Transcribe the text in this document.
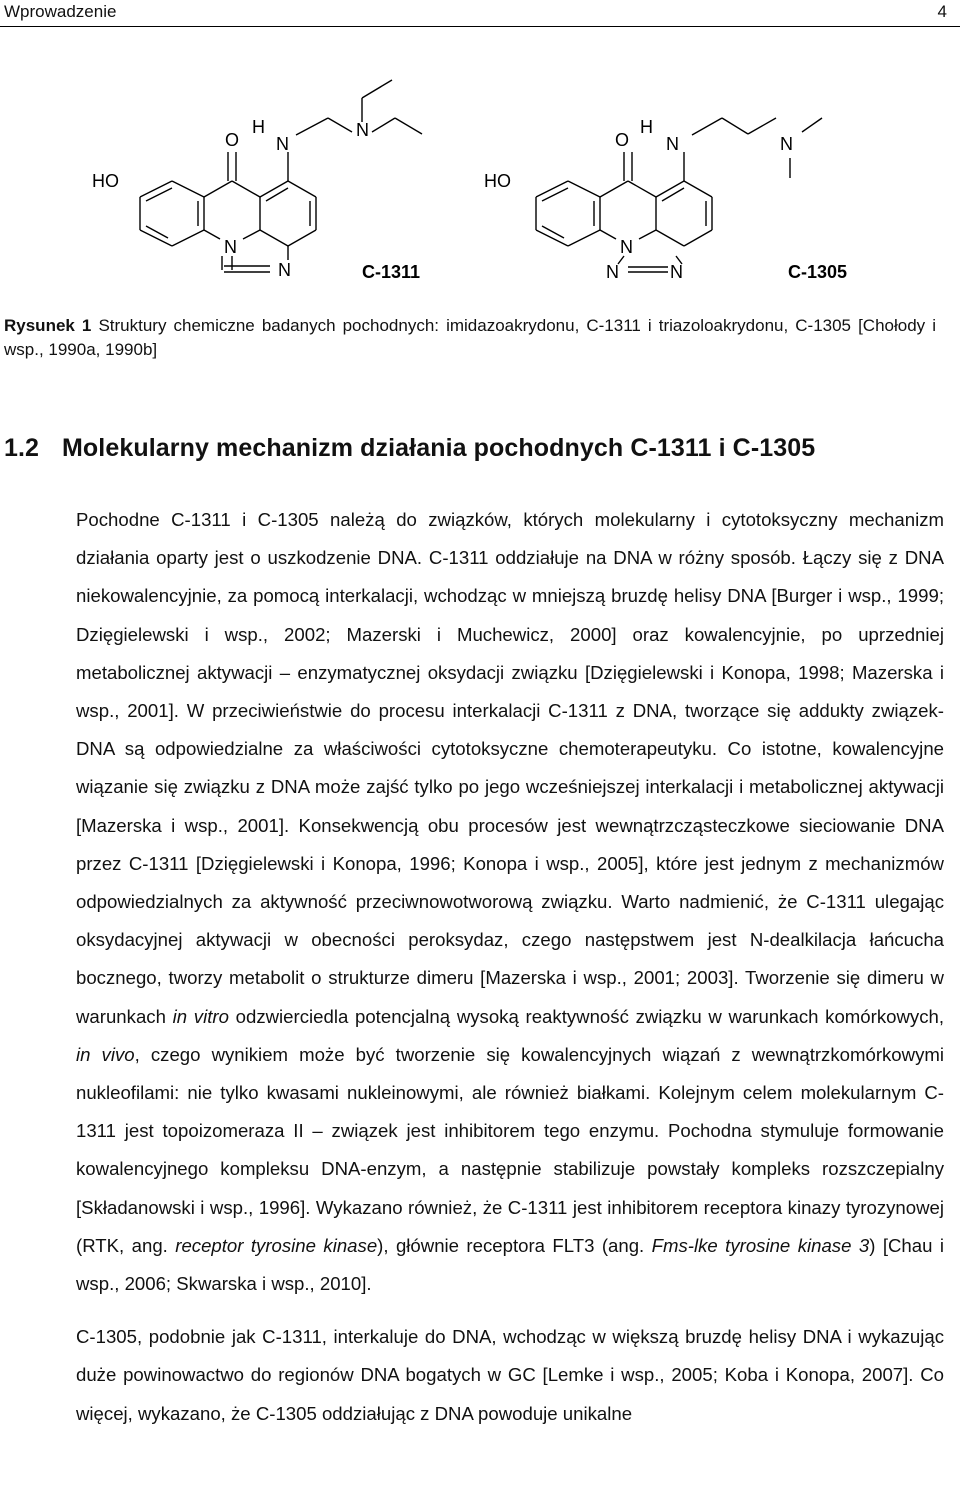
Wprowadzenie	4
HO
O
H
N
N
N
N	C-1311
HO
O
H
N	N
N
N	N	C-1305
Rysunek 1 Struktury chemiczne badanych pochodnych: imidazoakrydonu, C-1311 i triazoloakrydonu, C-1305 [Chołody i wsp., 1990a, 1990b]
1.2 Molekularny mechanizm działania pochodnych C-1311 i C-1305

Pochodne C-1311 i C-1305 należą do związków, których molekularny i cytotoksyczny mechanizm działania oparty jest o uszkodzenie DNA. C-1311 oddziałuje na DNA w różny sposób. Łączy się z DNA niekowalencyjnie, za pomocą interkalacji, wchodząc w mniejszą bruzdę helisy DNA [Burger i wsp., 1999; Dzięgielewski i wsp., 2002; Mazerski i Muchewicz, 2000] oraz kowalencyjnie, po uprzedniej metabolicznej aktywacji – enzymatycznej oksydacji związku [Dzięgielewski i Konopa, 1998; Mazerska i wsp., 2001]. W przeciwieństwie do procesu interkalacji C-1311 z DNA, tworzące się addukty związek-DNA są odpowiedzialne za właściwości cytotoksyczne chemoterapeutyku. Co istotne, kowalencyjne wiązanie się związku z DNA może zajść tylko po jego wcześniejszej interkalacji i metabolicznej aktywacji [Mazerska i wsp., 2001]. Konsekwencją obu procesów jest wewnątrzcząsteczkowe sieciowanie DNA przez C-1311 [Dzięgielewski i Konopa, 1996; Konopa i wsp., 2005], które jest jednym z mechanizmów odpowiedzialnych za aktywność przeciwnowotworową związku. Warto nadmienić, że C-1311 ulegając oksydacyjnej aktywacji w obecności peroksydaz, czego następstwem jest N-dealkilacja łańcucha bocznego, tworzy metabolit o strukturze dimeru [Mazerska i wsp., 2001; 2003]. Tworzenie się dimeru w warunkach in vitro odzwierciedla potencjalną wysoką reaktywność związku w warunkach komórkowych, in vivo, czego wynikiem może być tworzenie się kowalencyjnych wiązań z wewnątrzkomórkowymi nukleofilami: nie tylko kwasami nukleinowymi, ale również białkami. Kolejnym celem molekularnym C-1311 jest topoizomeraza II – związek jest inhibitorem tego enzymu. Pochodna stymuluje formowanie kowalencyjnego kompleksu DNA-enzym, a następnie stabilizuje powstały kompleks rozszczepialny [Składanowski i wsp., 1996]. Wykazano również, że C-1311 jest inhibitorem receptora kinazy tyrozynowej (RTK, ang. receptor tyrosine kinase), głównie receptora FLT3 (ang. Fms-lke tyrosine kinase 3) [Chau i wsp., 2006; Skwarska i wsp., 2010].

C-1305, podobnie jak C-1311, interkaluje do DNA, wchodząc w większą bruzdę helisy DNA i wykazując duże powinowactwo do regionów DNA bogatych w GC [Lemke i wsp., 2005; Koba i Konopa, 2007]. Co więcej, wykazano, że C-1305 oddziałując z DNA powoduje unikalne
